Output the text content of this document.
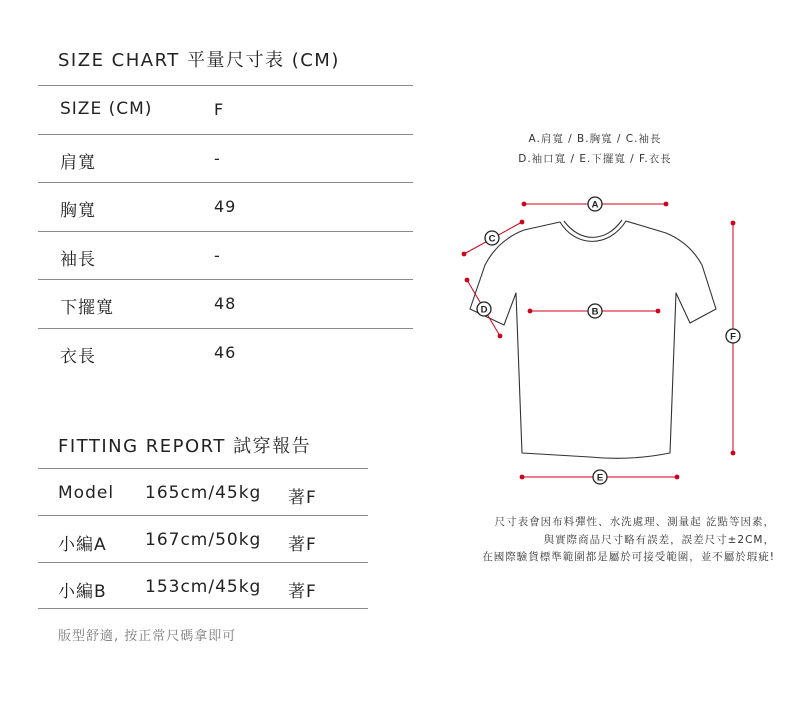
SIZE CHART 平量尺寸表 (CM)
SIZE (CM)	F
肩寬	-
胸寬	49
袖長	-
下擺寬	48
衣長	46
FITTING REPORT 試穿報告
Model 165cm/45kg 著F
小編A 167cm/50kg 著F
小編B 153cm/45kg 著F
版型舒適, 按正常尺碼拿即可
A.肩寬 / B.胸寬 / C.袖長
D.袖口寬 / E.下擺寬 / F.衣長
A
C
D	B
F
E
尺寸表會因布料彈性、水洗處理、測量起 訖點等因素，
與實際商品尺寸略有誤差，誤差尺寸±2CM，
在國際驗貨標準範圍都是屬於可接受範圍，並不屬於瑕疵!
